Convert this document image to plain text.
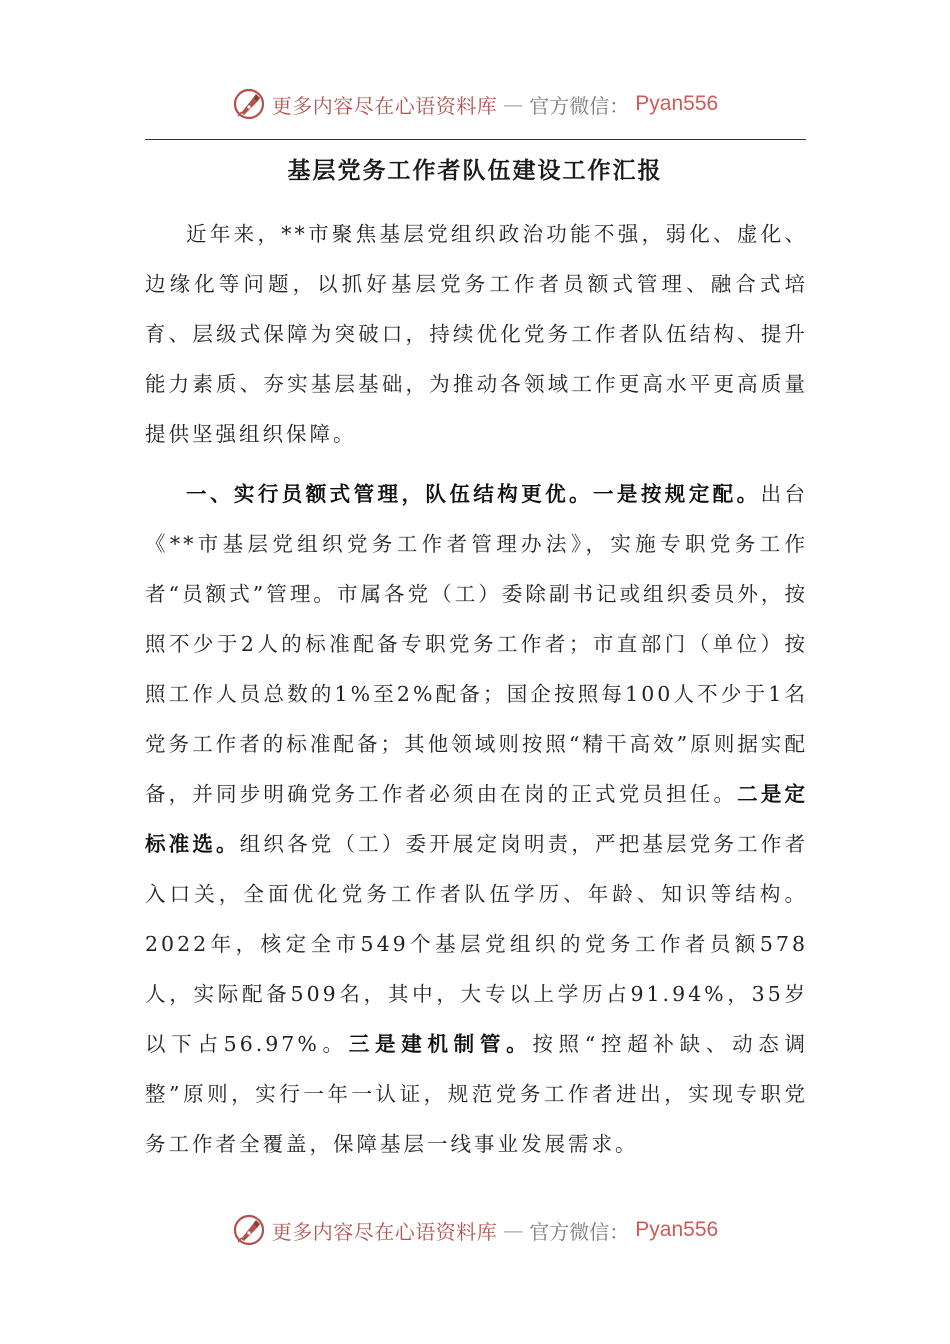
更多内容尽在心语资料库 — 官方微信： Pyan556
基层党务工作者队伍建设工作汇报

近年来，**市聚焦基层党组织政治功能不强，弱化、虚化、边缘化等问题，以抓好基层党务工作者员额式管理、融合式培育、层级式保障为突破口，持续优化党务工作者队伍结构、提升能力素质、夯实基层基础，为推动各领域工作更高水平更高质量提供坚强组织保障。

一、实行员额式管理，队伍结构更优。一是按规定配。出台《**市基层党组织党务工作者管理办法》，实施专职党务工作者“员额式”管理。市属各党（工）委除副书记或组织委员外，按照不少于2人的标准配备专职党务工作者；市直部门（单位）按照工作人员总数的1%至2%配备；国企按照每100人不少于1名党务工作者的标准配备；其他领域则按照“精干高效”原则据实配备，并同步明确党务工作者必须由在岗的正式党员担任。二是定标准选。组织各党（工）委开展定岗明责，严把基层党务工作者入口关，全面优化党务工作者队伍学历、年龄、知识等结构。2022年，核定全市549个基层党组织的党务工作者员额578人，实际配备509名，其中，大专以上学历占91.94%，35岁以下占56.97%。三是建机制管。按照“控超补缺、动态调整”原则，实行一年一认证，规范党务工作者进出，实现专职党务工作者全覆盖，保障基层一线事业发展需求。

更多内容尽在心语资料库 — 官方微信： Pyan556
